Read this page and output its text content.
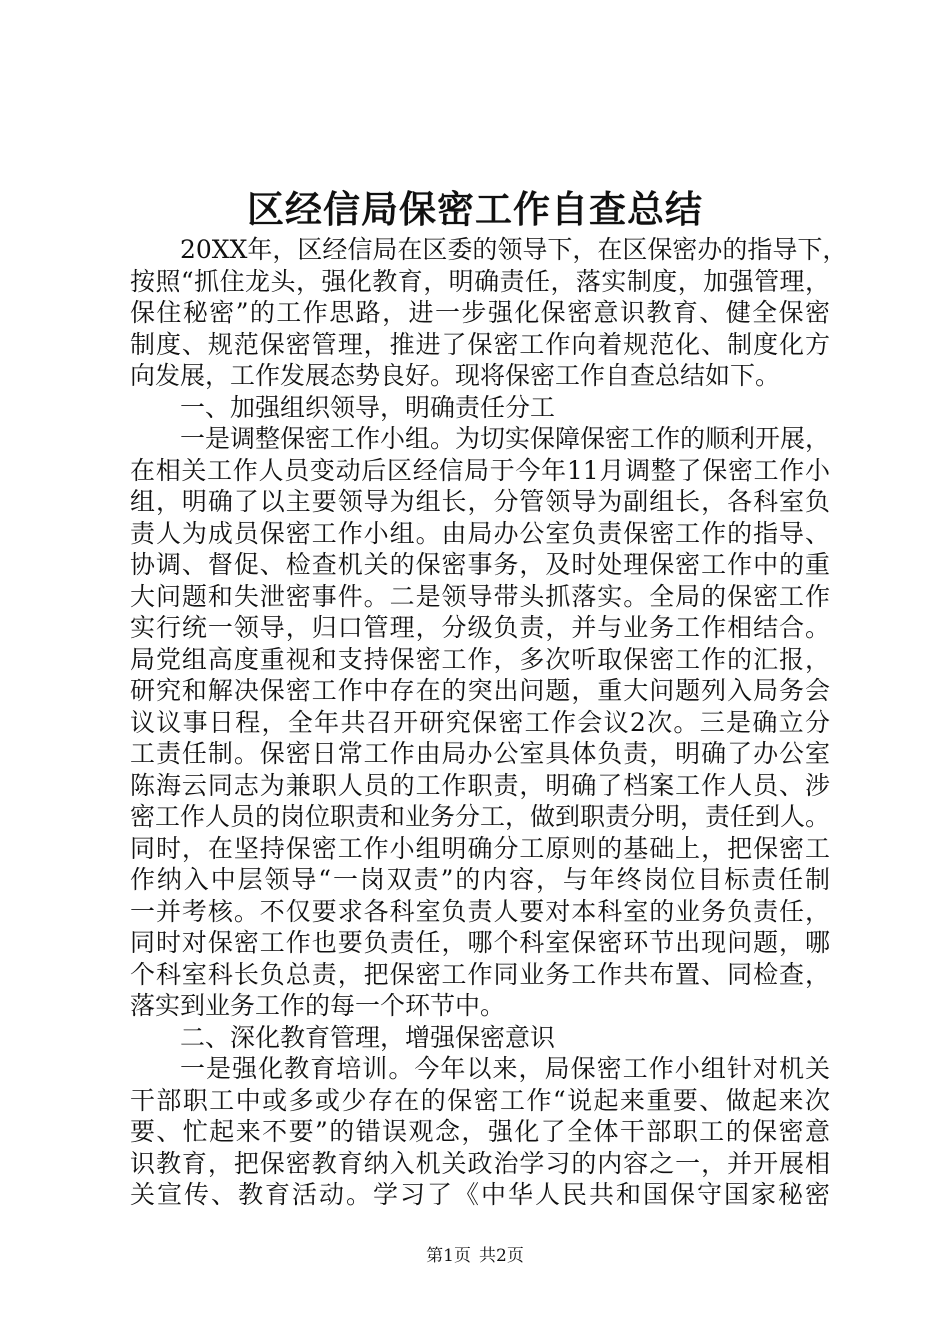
区经信局保密工作自查总结
20XX年，区经信局在区委的领导下，在区保密办的指导下，
按照“抓住龙头，强化教育，明确责任，落实制度，加强管理，
保住秘密”的工作思路，进一步强化保密意识教育、健全保密
制度、规范保密管理，推进了保密工作向着规范化、制度化方
向发展，工作发展态势良好。现将保密工作自查总结如下。
一、加强组织领导，明确责任分工
一是调整保密工作小组。为切实保障保密工作的顺利开展，
在相关工作人员变动后区经信局于今年11月调整了保密工作小
组，明确了以主要领导为组长，分管领导为副组长，各科室负
责人为成员保密工作小组。由局办公室负责保密工作的指导、
协调、督促、检查机关的保密事务，及时处理保密工作中的重
大问题和失泄密事件。二是领导带头抓落实。全局的保密工作
实行统一领导，归口管理，分级负责，并与业务工作相结合。
局党组高度重视和支持保密工作，多次听取保密工作的汇报，
研究和解决保密工作中存在的突出问题，重大问题列入局务会
议议事日程，全年共召开研究保密工作会议2次。三是确立分
工责任制。保密日常工作由局办公室具体负责，明确了办公室
陈海云同志为兼职人员的工作职责，明确了档案工作人员、涉
密工作人员的岗位职责和业务分工，做到职责分明，责任到人。
同时，在坚持保密工作小组明确分工原则的基础上，把保密工
作纳入中层领导“一岗双责”的内容，与年终岗位目标责任制
一并考核。不仅要求各科室负责人要对本科室的业务负责任，
同时对保密工作也要负责任，哪个科室保密环节出现问题，哪
个科室科长负总责，把保密工作同业务工作共布置、同检查，
落实到业务工作的每一个环节中。
二、深化教育管理，增强保密意识
一是强化教育培训。今年以来，局保密工作小组针对机关
干部职工中或多或少存在的保密工作“说起来重要、做起来次
要、忙起来不要”的错误观念，强化了全体干部职工的保密意
识教育，把保密教育纳入机关政治学习的内容之一，并开展相
关宣传、教育活动。学习了《中华人民共和国保守国家秘密
第1页 共2页
